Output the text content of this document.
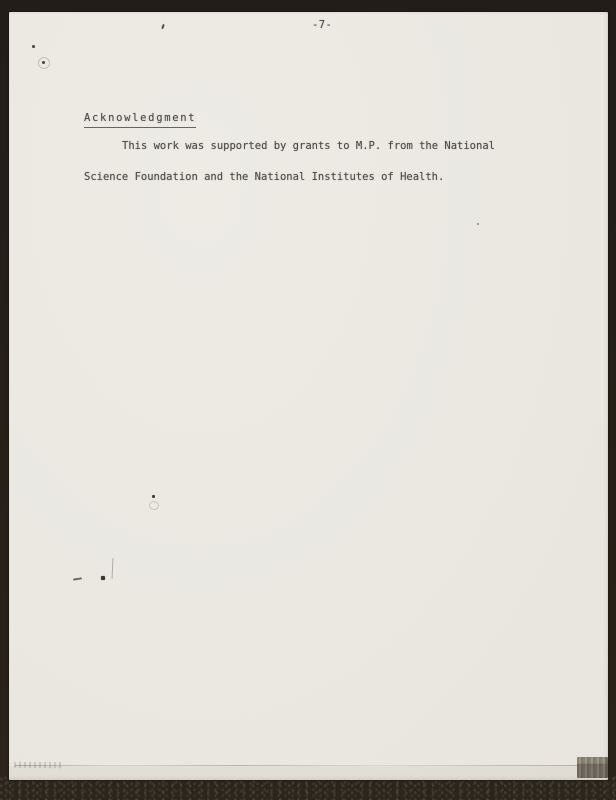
-7-
Acknowledgment
This work was supported by grants to M.P. from the National
Science Foundation and the National Institutes of Health.
